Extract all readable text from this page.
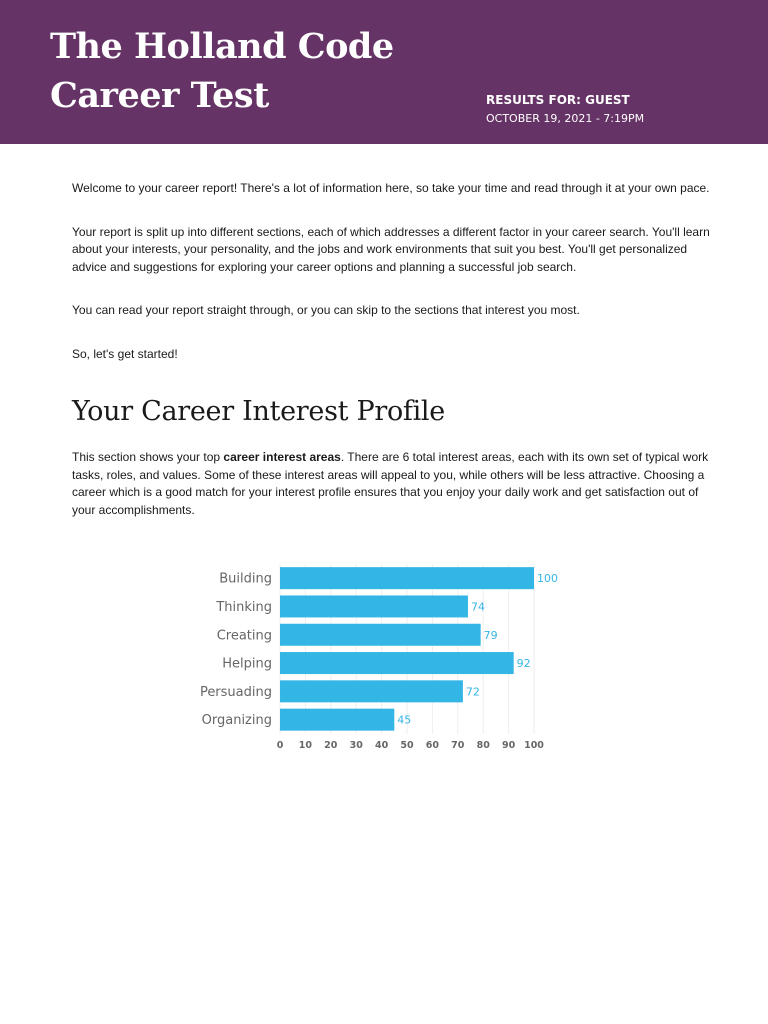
The Holland Code
Career Test	RESULTS FOR: GUEST
OCTOBER 19, 2021 - 7:19PM

Welcome to your career report! There's a lot of information here, so take your time and read through it at your own pace.

Your report is split up into different sections, each of which addresses a different factor in your career search. You'll learn about your interests, your personality, and the jobs and work environments that suit you best. You'll get personalized advice and suggestions for exploring your career options and planning a successful job search.

You can read your report straight through, or you can skip to the sections that interest you most.

So, let's get started!

Your Career Interest Profile

This section shows your top career interest areas. There are 6 total interest areas, each with its own set of typical work tasks, roles, and values. Some of these interest areas will appeal to you, while others will be less attractive. Choosing a career which is a good match for your interest profile ensures that you enjoy your daily work and get satisfaction out of your accomplishments.

Building	100
Thinking	74
Creating	79
Helping	92
Persuading	72
Organizing	45
0 10 20 30 40 50 60 70 80 90 100
